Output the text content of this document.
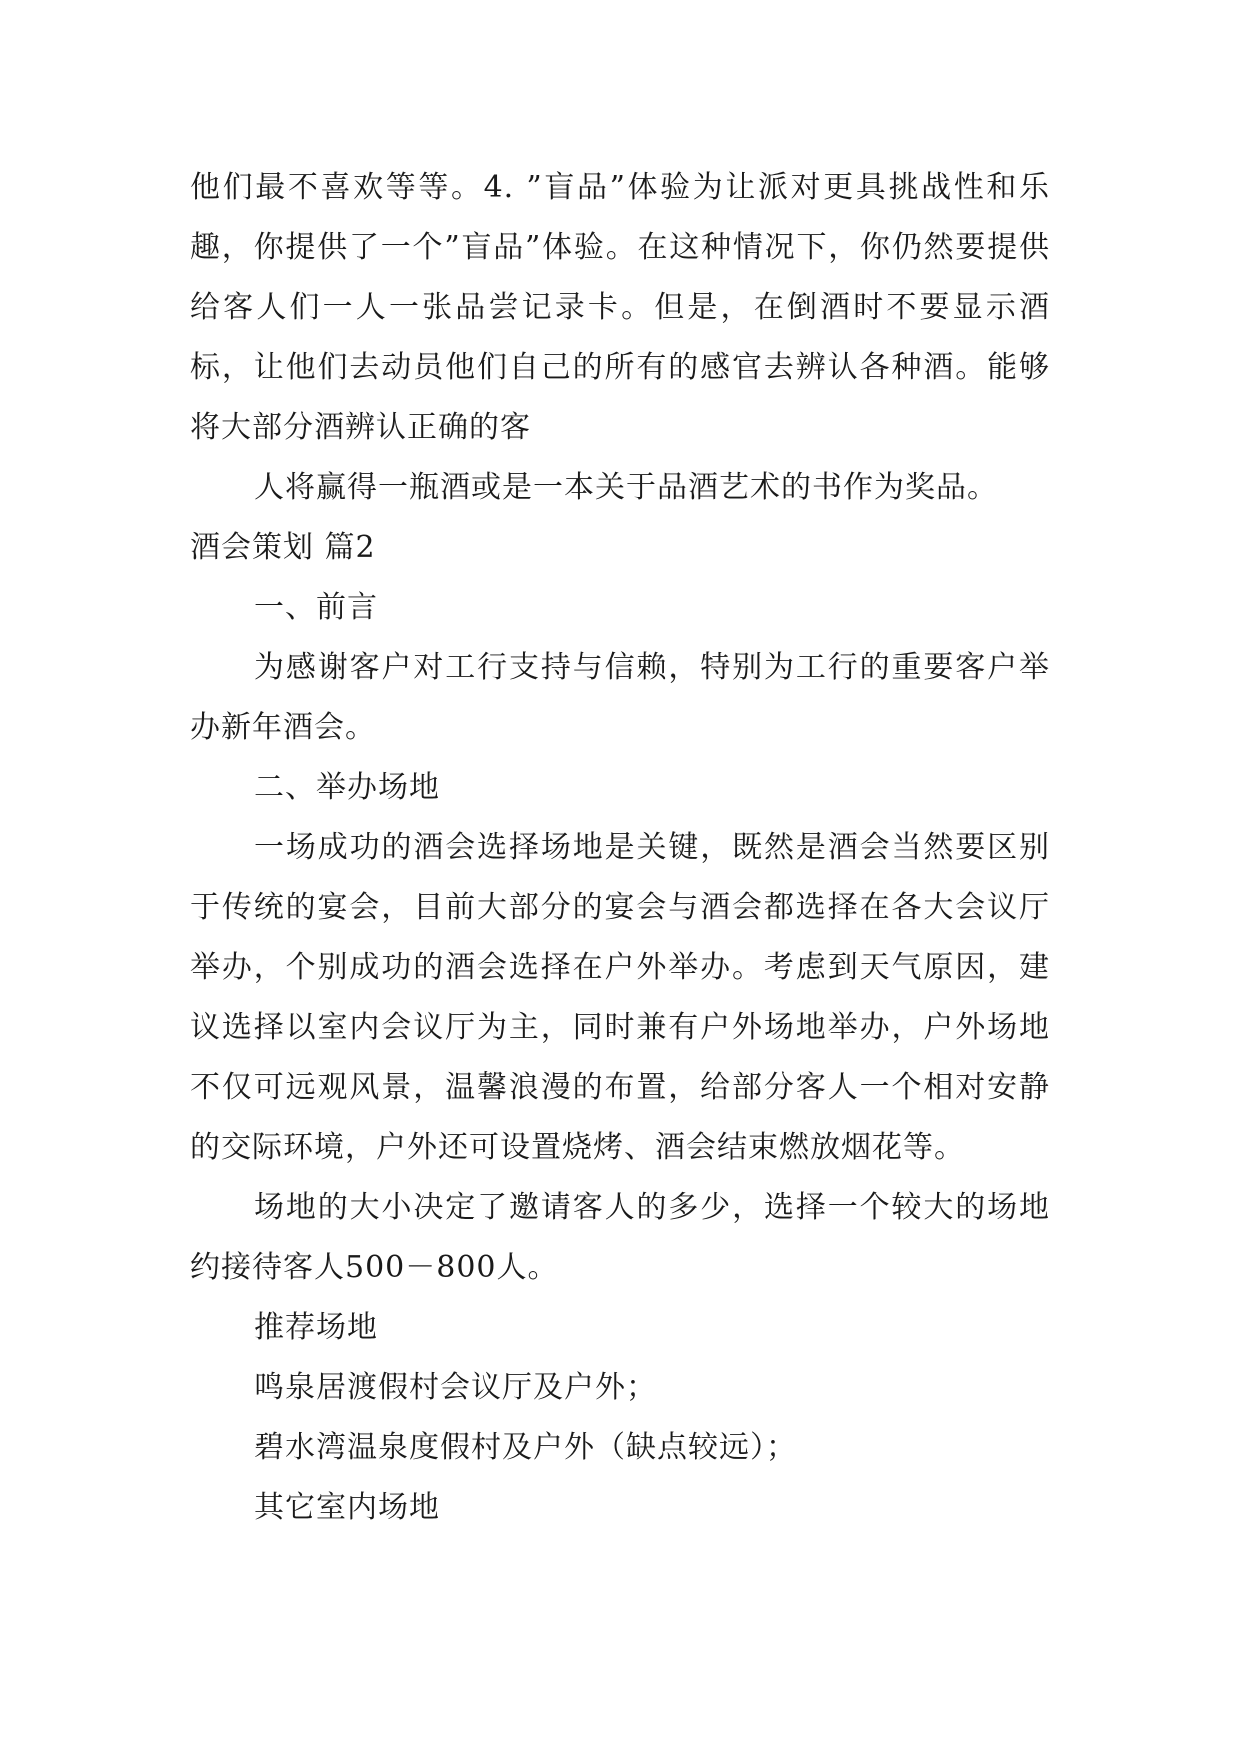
他们最不喜欢等等。4. ”盲品”体验为让派对更具挑战性和乐趣，你提供了一个”盲品”体验。在这种情况下，你仍然要提供给客人们一人一张品尝记录卡。但是，在倒酒时不要显示酒标，让他们去动员他们自己的所有的感官去辨认各种酒。能够将大部分酒辨认正确的客

人将赢得一瓶酒或是一本关于品酒艺术的书作为奖品。

酒会策划 篇2

一、前言

为感谢客户对工行支持与信赖，特别为工行的重要客户举办新年酒会。

二、举办场地

一场成功的酒会选择场地是关键，既然是酒会当然要区别于传统的宴会，目前大部分的宴会与酒会都选择在各大会议厅举办，个别成功的酒会选择在户外举办。考虑到天气原因，建议选择以室内会议厅为主，同时兼有户外场地举办，户外场地不仅可远观风景，温馨浪漫的布置，给部分客人一个相对安静的交际环境，户外还可设置烧烤、酒会结束燃放烟花等。

场地的大小决定了邀请客人的多少，选择一个较大的场地约接待客人500－800人。

推荐场地

鸣泉居渡假村会议厅及户外；

碧水湾温泉度假村及户外（缺点较远）；

其它室内场地
